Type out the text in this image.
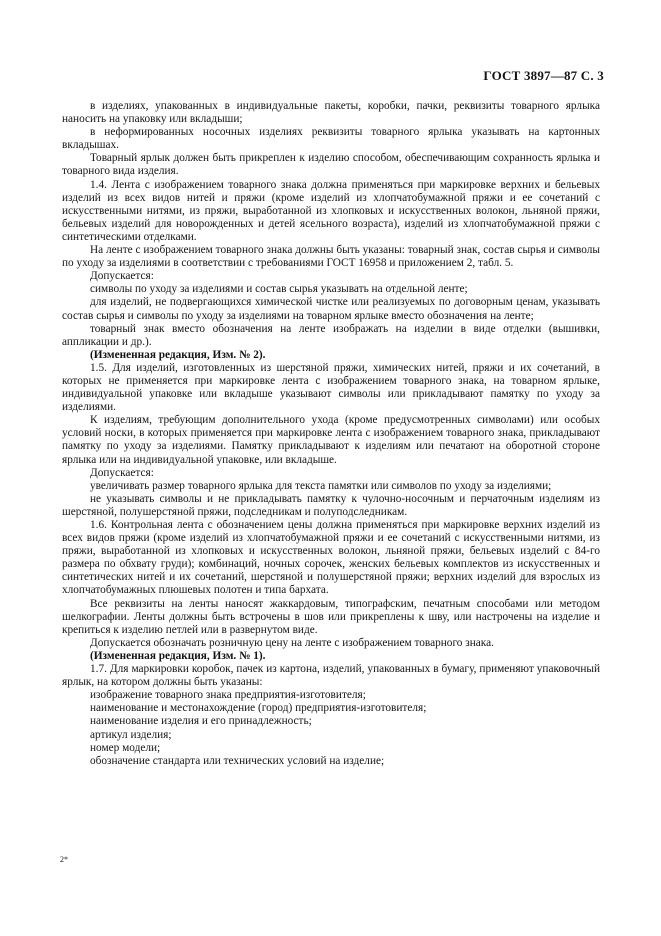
ГОСТ 3897—87 С. 3

в изделиях, упакованных в индивидуальные пакеты, коробки, пачки, реквизиты товарного ярлыка наносить на упаковку или вкладыши;

в неформированных носочных изделиях реквизиты товарного ярлыка указывать на картонных вкладышах.

Товарный ярлык должен быть прикреплен к изделию способом, обеспечивающим сохранность ярлыка и товарного вида изделия.

1.4. Лента с изображением товарного знака должна применяться при маркировке верхних и бельевых изделий из всех видов нитей и пряжи (кроме изделий из хлопчатобумажной пряжи и ее сочетаний с искусственными нитями, из пряжи, выработанной из хлопковых и искусственных волокон, льняной пряжи, бельевых изделий для новорожденных и детей ясельного возраста), изделий из хлопчатобумажной пряжи с синтетическими отделками.

На ленте с изображением товарного знака должны быть указаны: товарный знак, состав сырья и символы по уходу за изделиями в соответствии с требованиями ГОСТ 16958 и приложением 2, табл. 5.

Допускается:

символы по уходу за изделиями и состав сырья указывать на отдельной ленте;

для изделий, не подвергающихся химической чистке или реализуемых по договорным ценам, указывать состав сырья и символы по уходу за изделиями на товарном ярлыке вместо обозначения на ленте;

товарный знак вместо обозначения на ленте изображать на изделии в виде отделки (вышивки, аппликации и др.).

(Измененная редакция, Изм. № 2).

1.5. Для изделий, изготовленных из шерстяной пряжи, химических нитей, пряжи и их сочетаний, в которых не применяется при маркировке лента с изображением товарного знака, на товарном ярлыке, индивидуальной упаковке или вкладыше указывают символы или прикладывают памятку по уходу за изделиями.

К изделиям, требующим дополнительного ухода (кроме предусмотренных символами) или особых условий носки, в которых применяется при маркировке лента с изображением товарного знака, прикладывают памятку по уходу за изделиями. Памятку прикладывают к изделиям или печатают на оборотной стороне ярлыка или на индивидуальной упаковке, или вкладыше.

Допускается:

увеличивать размер товарного ярлыка для текста памятки или символов по уходу за изделиями;

не указывать символы и не прикладывать памятку к чулочно-носочным и перчаточным изделиям из шерстяной, полушерстяной пряжи, подследникам и полуподследникам.

1.6. Контрольная лента с обозначением цены должна применяться при маркировке верхних изделий из всех видов пряжи (кроме изделий из хлопчатобумажной пряжи и ее сочетаний с искусственными нитями, из пряжи, выработанной из хлопковых и искусственных волокон, льняной пряжи, бельевых изделий с 84-го размера по обхвату груди); комбинаций, ночных сорочек, женских бельевых комплектов из искусственных и синтетических нитей и их сочетаний, шерстяной и полушерстяной пряжи; верхних изделий для взрослых из хлопчатобумажных плюшевых полотен и типа бархата.

Все реквизиты на ленты наносят жаккардовым, типографским, печатным способами или методом шелкографии. Ленты должны быть встрочены в шов или прикреплены к шву, или настрочены на изделие и крепиться к изделию петлей или в развернутом виде.

Допускается обозначать розничную цену на ленте с изображением товарного знака.

(Измененная редакция, Изм. № 1).

1.7. Для маркировки коробок, пачек из картона, изделий, упакованных в бумагу, применяют упаковочный ярлык, на котором должны быть указаны:

изображение товарного знака предприятия-изготовителя;

наименование и местонахождение (город) предприятия-изготовителя;

наименование изделия и его принадлежность;

артикул изделия;

номер модели;

обозначение стандарта или технических условий на изделие;

2*
